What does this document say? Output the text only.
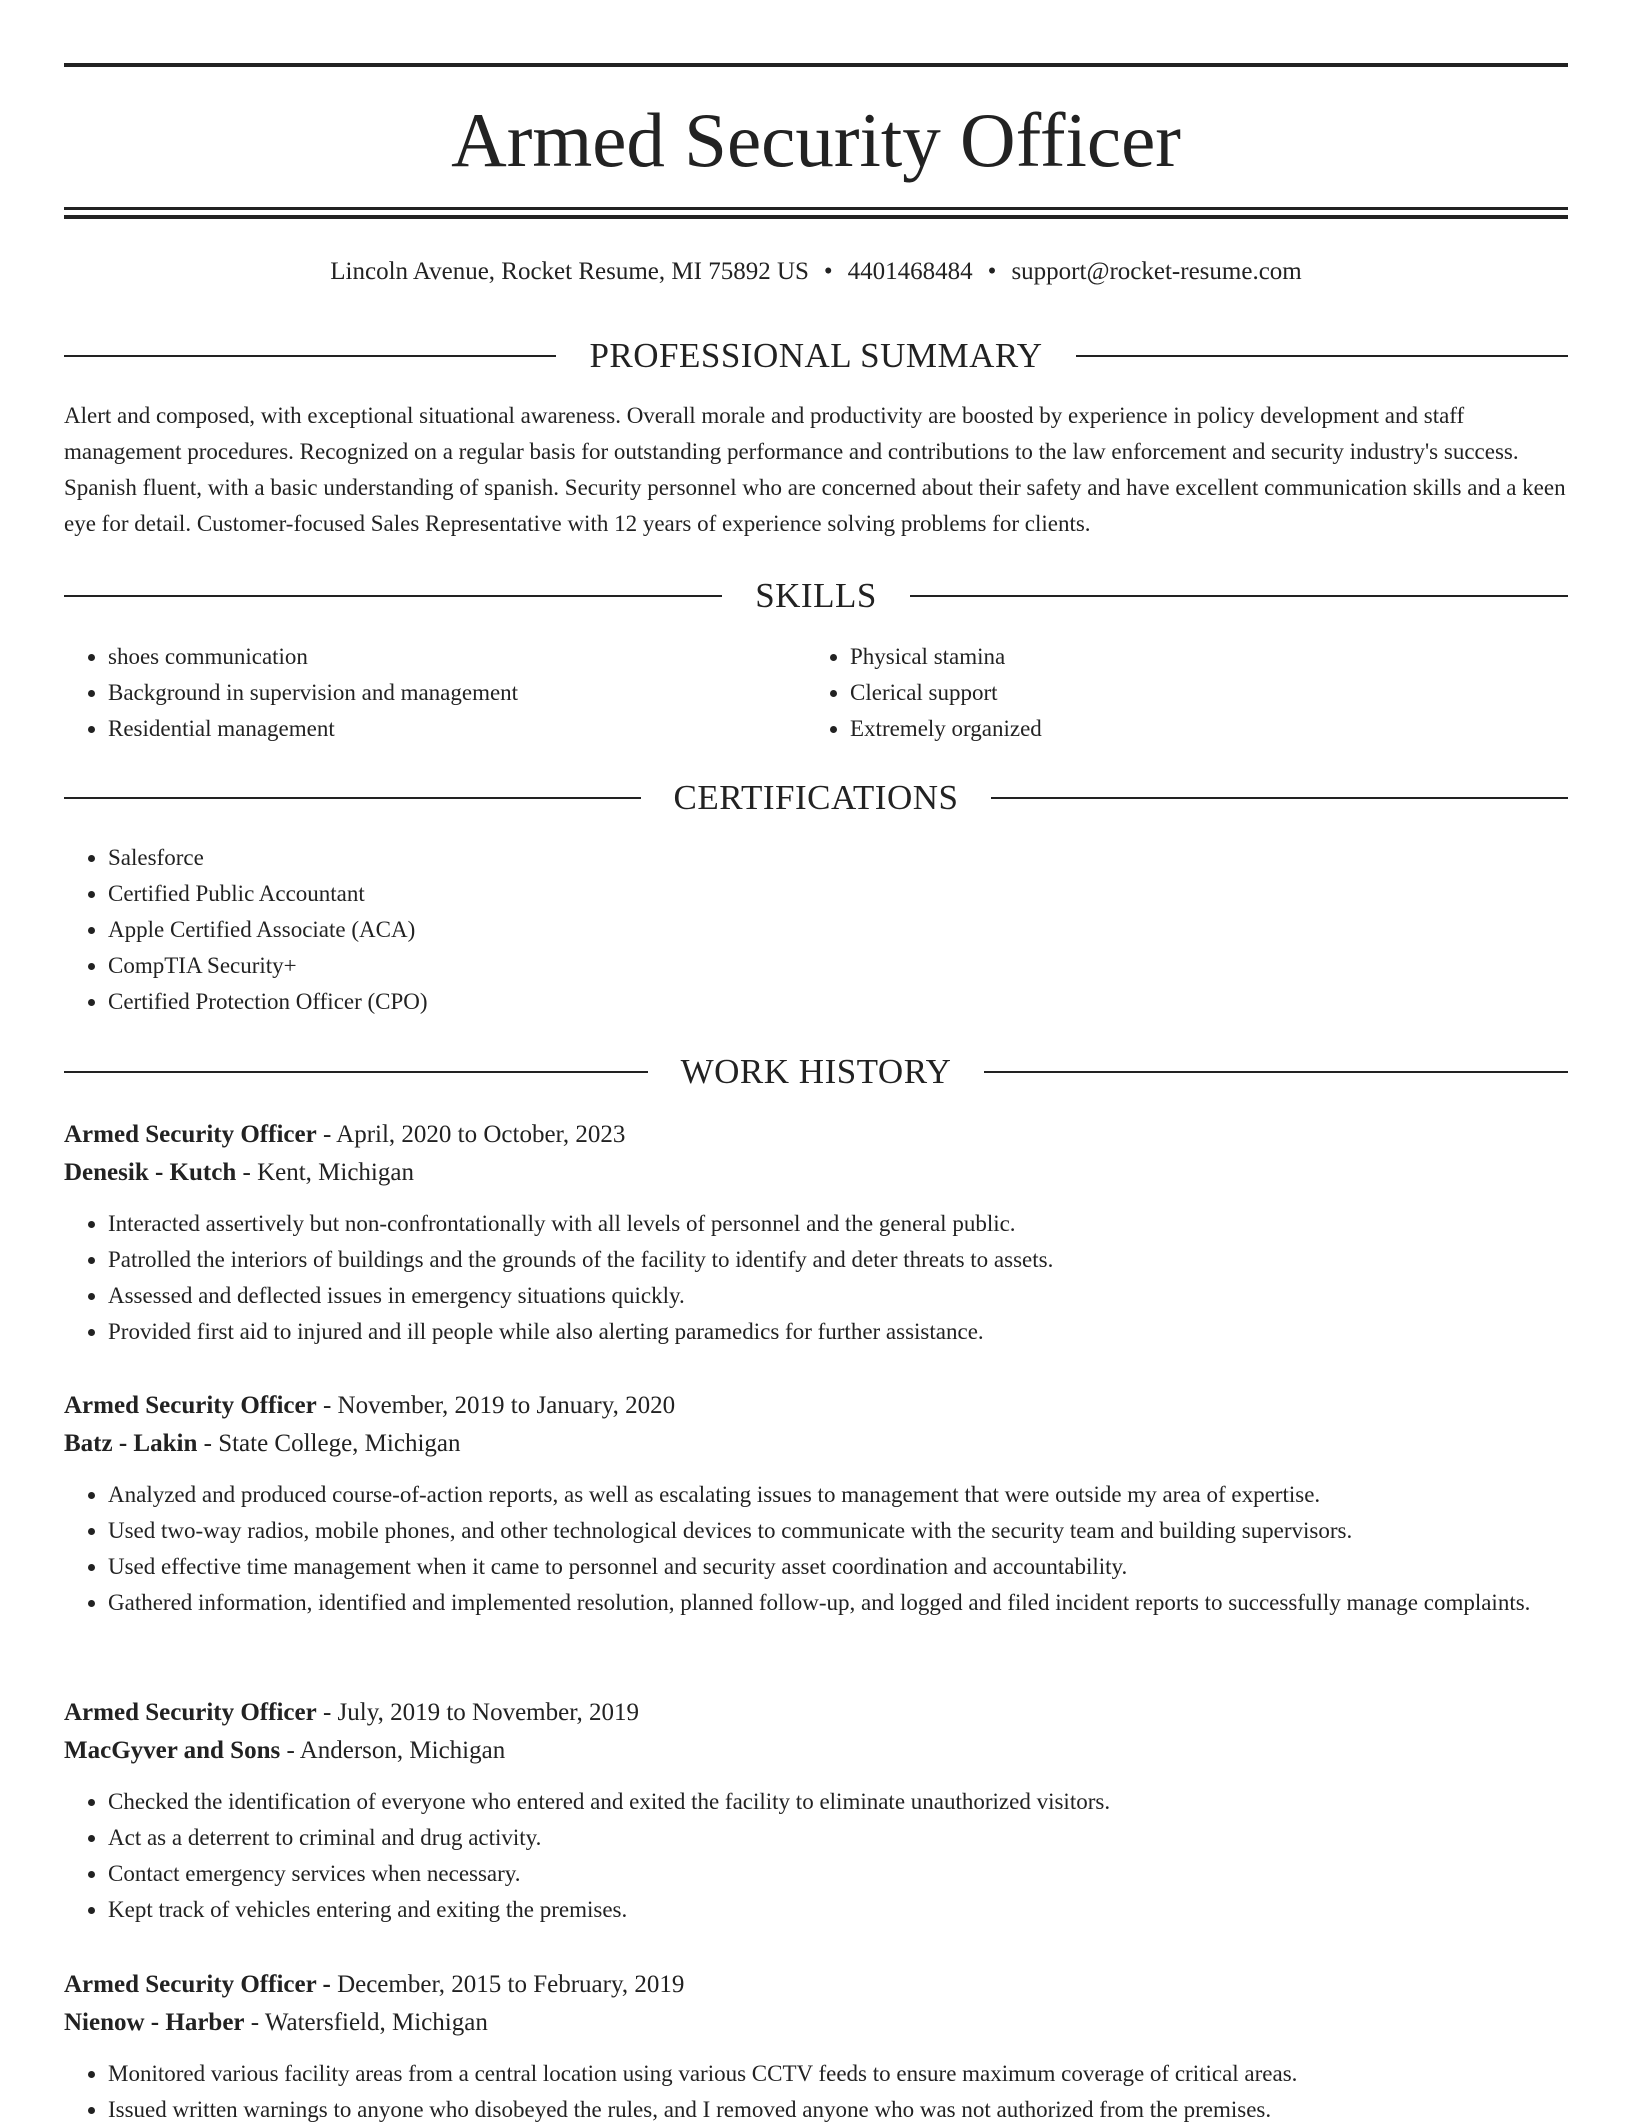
Armed Security Officer
Lincoln Avenue, Rocket Resume, MI 75892 US • 4401468484 • support@rocket-resume.com
PROFESSIONAL SUMMARY

Alert and composed, with exceptional situational awareness. Overall morale and productivity are boosted by experience in policy development and staff management procedures. Recognized on a regular basis for outstanding performance and contributions to the law enforcement and security industry's success. Spanish fluent, with a basic understanding of spanish. Security personnel who are concerned about their safety and have excellent communication skills and a keen eye for detail. Customer-focused Sales Representative with 12 years of experience solving problems for clients.

SKILLS
• shoes communication
• Background in supervision and management
• Residential management
• Physical stamina
• Clerical support
• Extremely organized
CERTIFICATIONS
• Salesforce
• Certified Public Accountant
• Apple Certified Associate (ACA)
• CompTIA Security+
• Certified Protection Officer (CPO)
WORK HISTORY
Armed Security Officer - April, 2020 to October, 2023
Denesik - Kutch - Kent, Michigan
• Interacted assertively but non-confrontationally with all levels of personnel and the general public.
• Patrolled the interiors of buildings and the grounds of the facility to identify and deter threats to assets.
• Assessed and deflected issues in emergency situations quickly.
• Provided first aid to injured and ill people while also alerting paramedics for further assistance.
Armed Security Officer - November, 2019 to January, 2020
Batz - Lakin - State College, Michigan
• Analyzed and produced course-of-action reports, as well as escalating issues to management that were outside my area of expertise.
• Used two-way radios, mobile phones, and other technological devices to communicate with the security team and building supervisors.
• Used effective time management when it came to personnel and security asset coordination and accountability.
• Gathered information, identified and implemented resolution, planned follow-up, and logged and filed incident reports to successfully manage complaints.
Armed Security Officer - July, 2019 to November, 2019
MacGyver and Sons - Anderson, Michigan
• Checked the identification of everyone who entered and exited the facility to eliminate unauthorized visitors.
• Act as a deterrent to criminal and drug activity.
• Contact emergency services when necessary.
• Kept track of vehicles entering and exiting the premises.
Armed Security Officer - December, 2015 to February, 2019
Nienow - Harber - Watersfield, Michigan
• Monitored various facility areas from a central location using various CCTV feeds to ensure maximum coverage of critical areas.
• Issued written warnings to anyone who disobeyed the rules, and I removed anyone who was not authorized from the premises.
